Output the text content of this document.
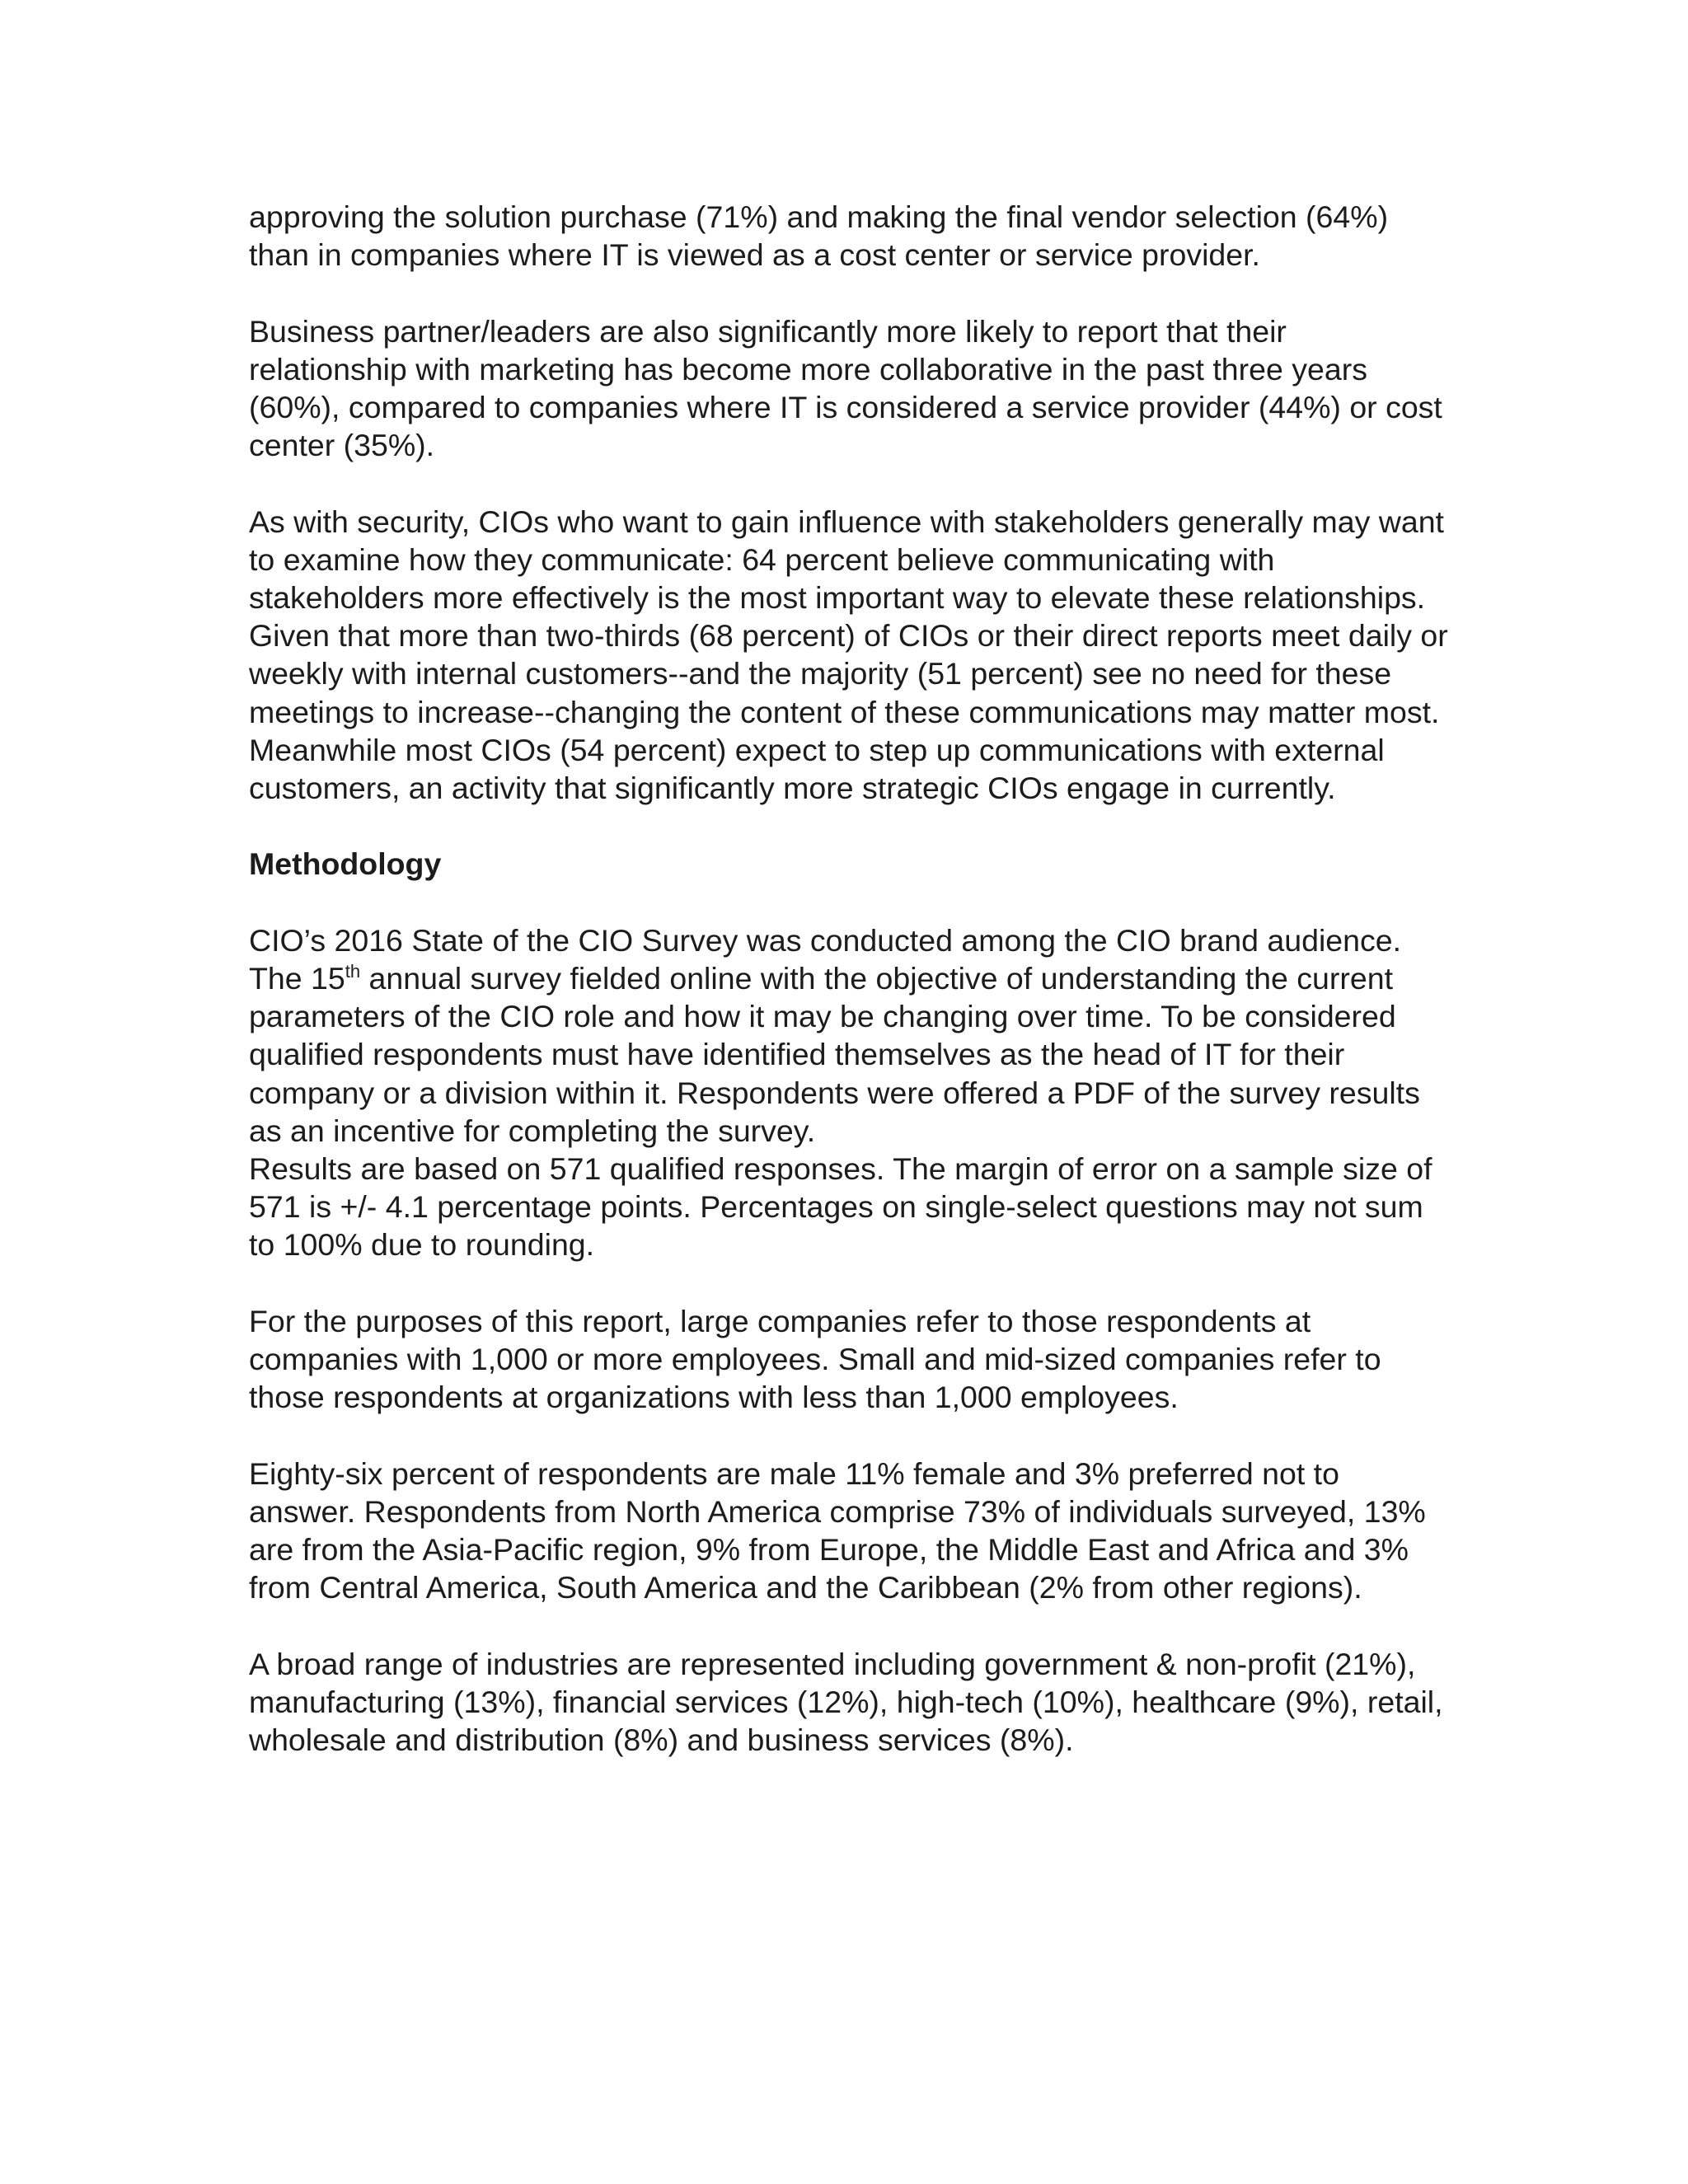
approving the solution purchase (71%) and making the final vendor selection (64%) than in companies where IT is viewed as a cost center or service provider.

Business partner/leaders are also significantly more likely to report that their relationship with marketing has become more collaborative in the past three years (60%), compared to companies where IT is considered a service provider (44%) or cost center (35%).

As with security, CIOs who want to gain influence with stakeholders generally may want to examine how they communicate: 64 percent believe communicating with stakeholders more effectively is the most important way to elevate these relationships. Given that more than two-thirds (68 percent) of CIOs or their direct reports meet daily or weekly with internal customers--and the majority (51 percent) see no need for these meetings to increase--changing the content of these communications may matter most. Meanwhile most CIOs (54 percent) expect to step up communications with external customers, an activity that significantly more strategic CIOs engage in currently.

Methodology

CIO’s 2016 State of the CIO Survey was conducted among the CIO brand audience. The 15th annual survey fielded online with the objective of understanding the current parameters of the CIO role and how it may be changing over time. To be considered qualified respondents must have identified themselves as the head of IT for their company or a division within it. Respondents were offered a PDF of the survey results as an incentive for completing the survey.

Results are based on 571 qualified responses. The margin of error on a sample size of 571 is +/- 4.1 percentage points. Percentages on single-select questions may not sum to 100% due to rounding.

For the purposes of this report, large companies refer to those respondents at companies with 1,000 or more employees. Small and mid-sized companies refer to those respondents at organizations with less than 1,000 employees.

Eighty-six percent of respondents are male 11% female and 3% preferred not to answer. Respondents from North America comprise 73% of individuals surveyed, 13% are from the Asia-Pacific region, 9% from Europe, the Middle East and Africa and 3% from Central America, South America and the Caribbean (2% from other regions).

A broad range of industries are represented including government & non-profit (21%), manufacturing (13%), financial services (12%), high-tech (10%), healthcare (9%), retail, wholesale and distribution (8%) and business services (8%).
